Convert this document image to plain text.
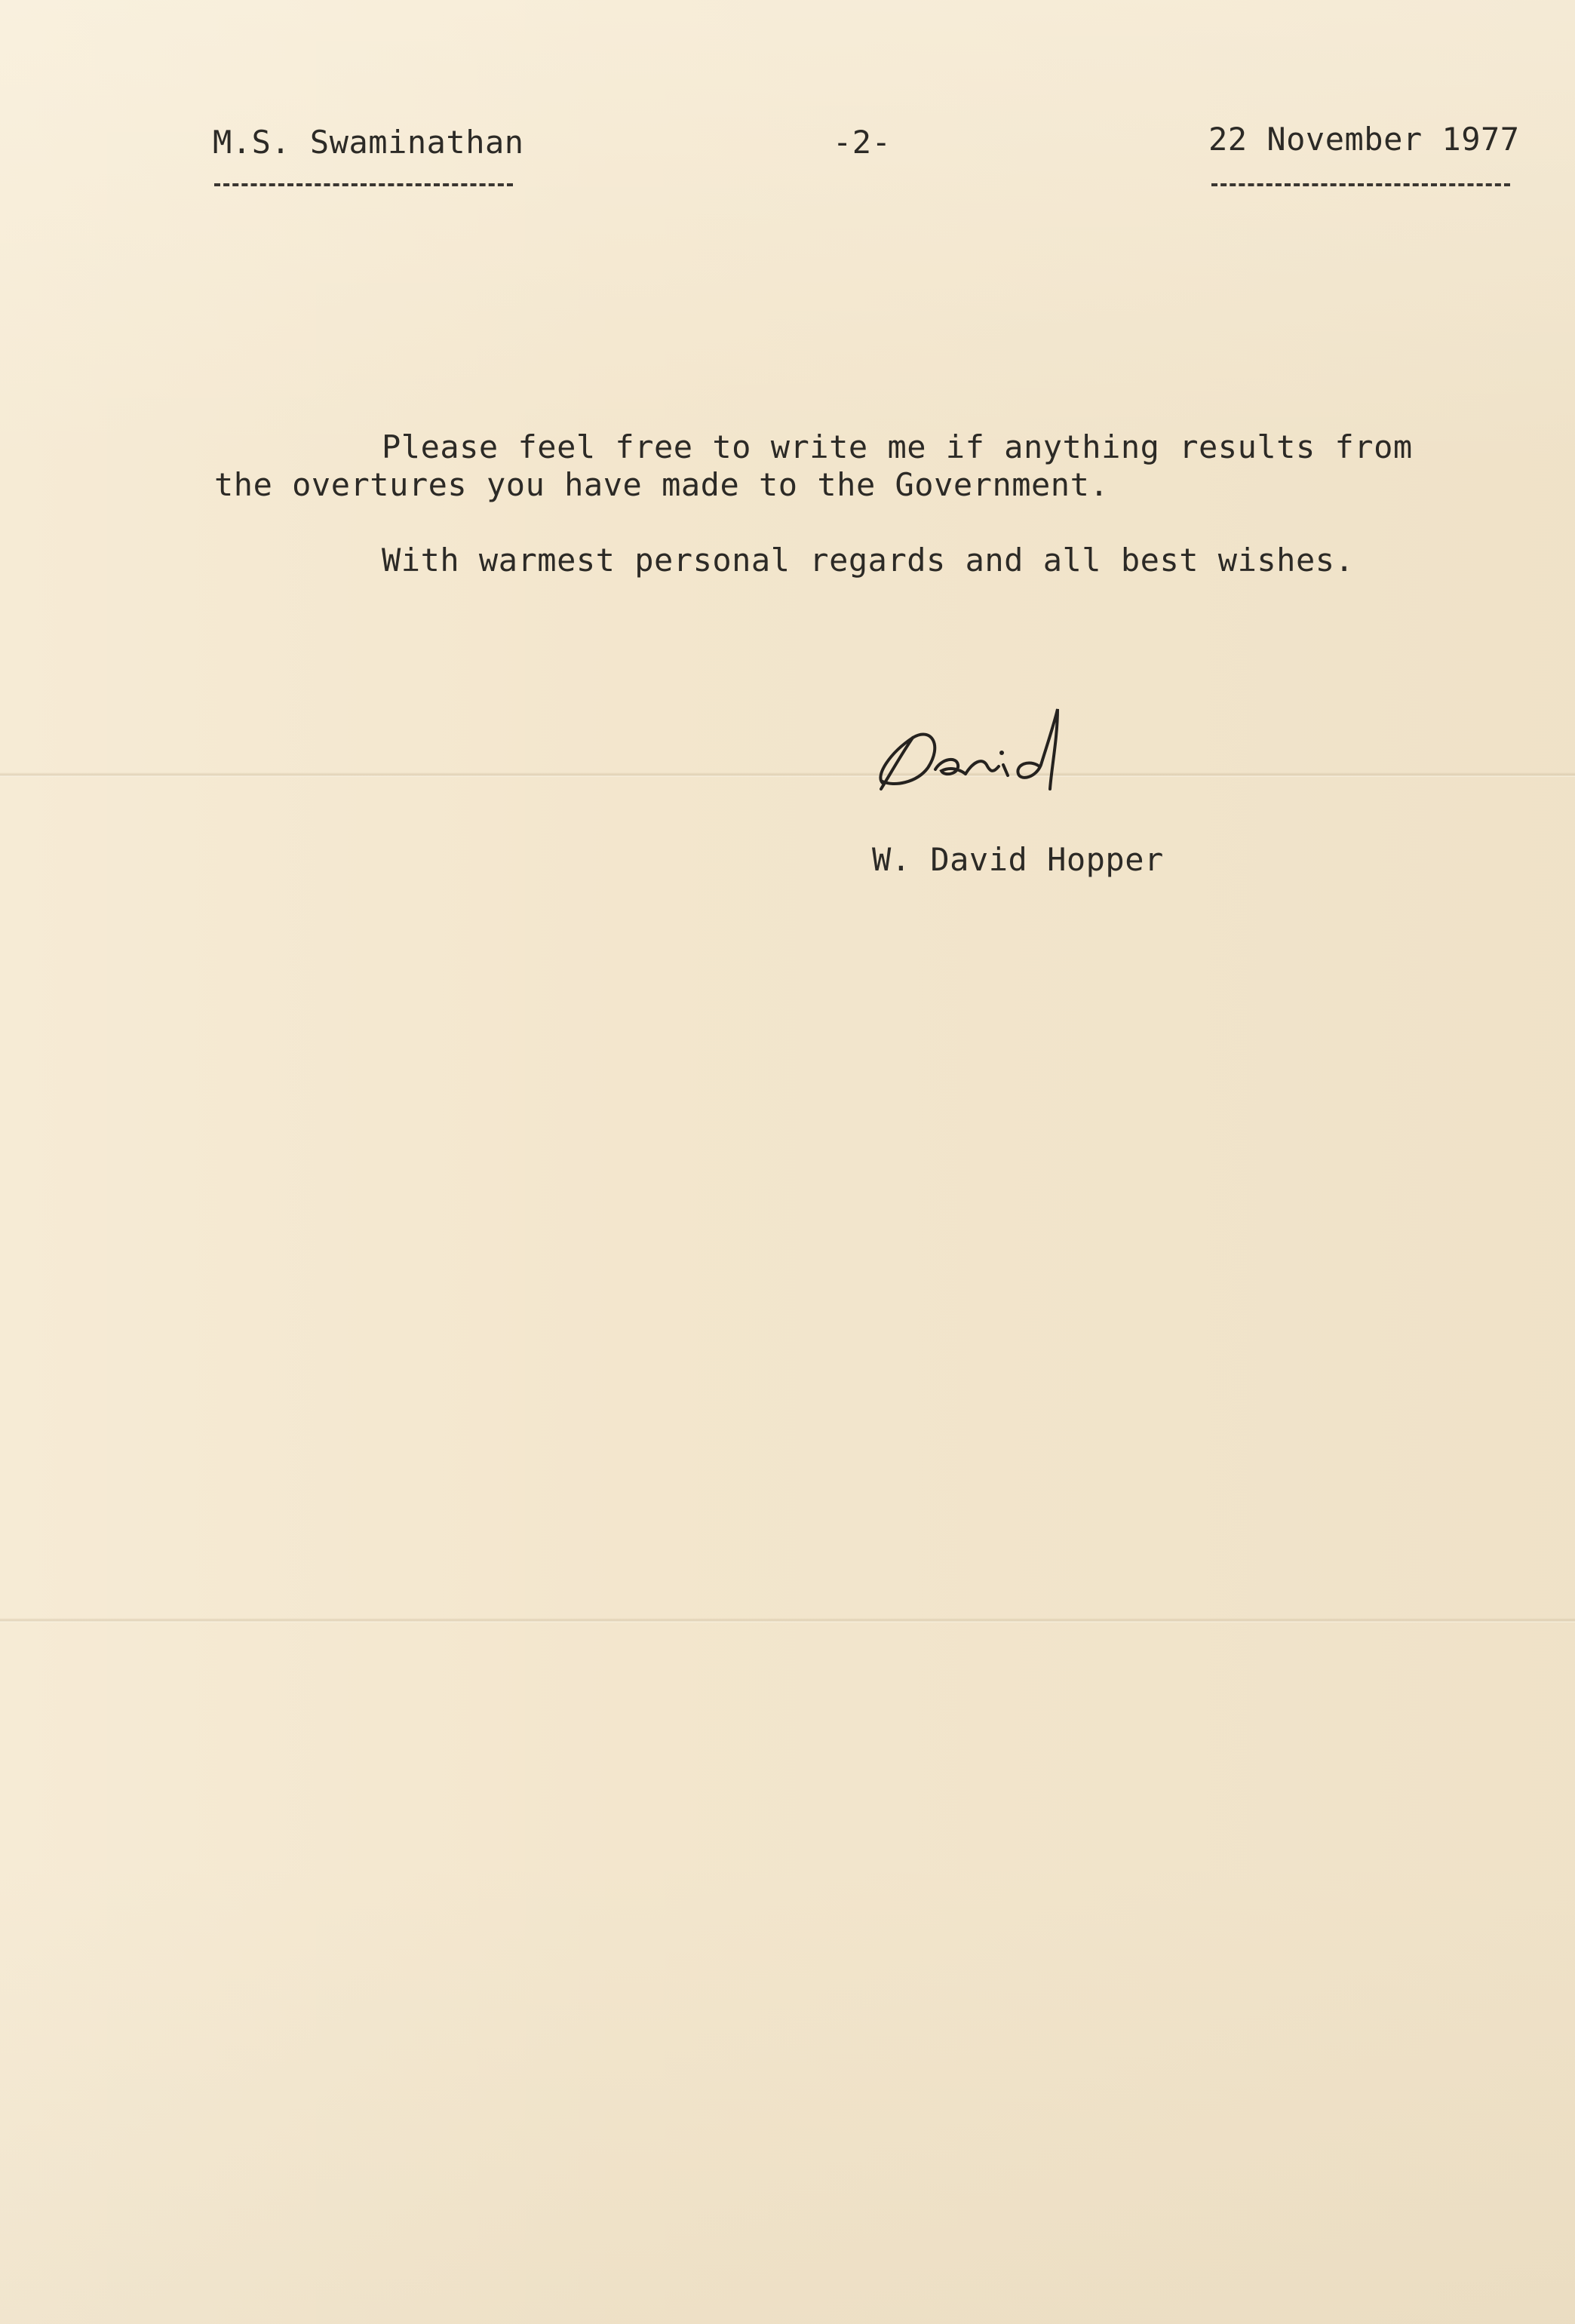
M.S. Swaminathan	-2-	22 November 1977
Please feel free to write me if anything results from
the overtures you have made to the Government.
With warmest personal regards and all best wishes.
W. David Hopper
